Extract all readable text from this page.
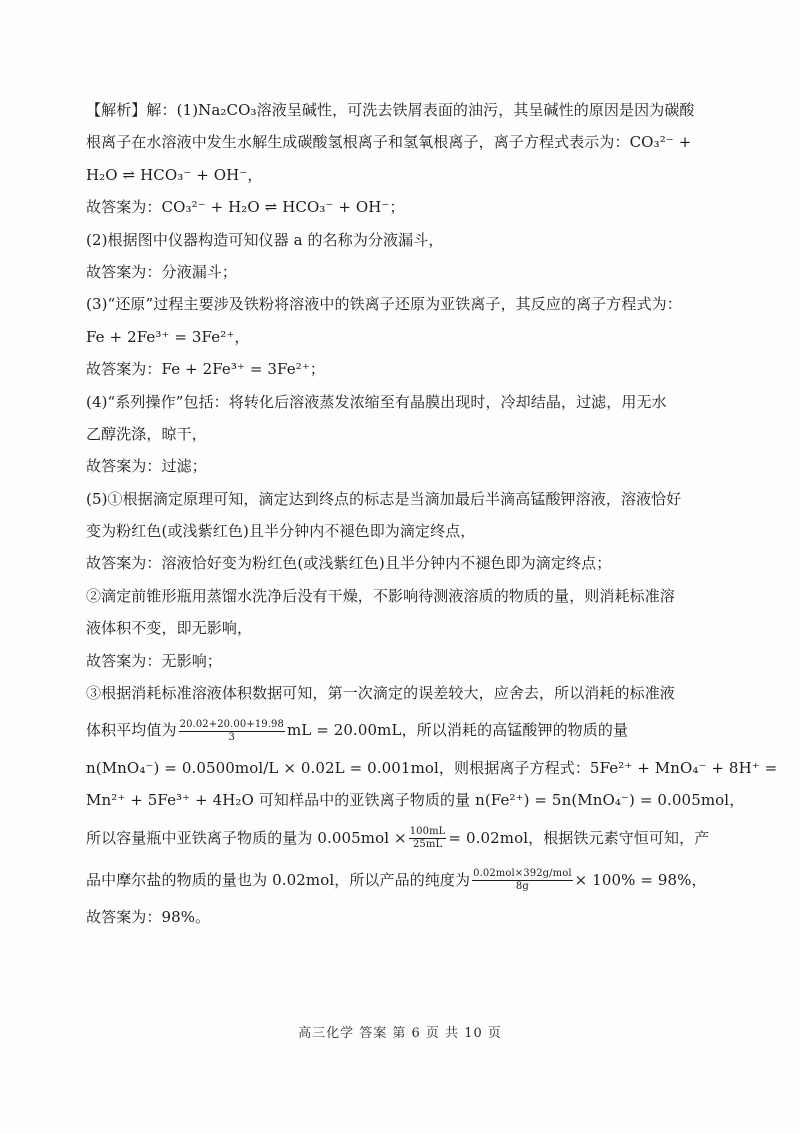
【解析】解：(1)Na₂CO₃溶液呈碱性，可洗去铁屑表面的油污，其呈碱性的原因是因为碳酸
根离子在水溶液中发生水解生成碳酸氢根离子和氢氧根离子，离子方程式表示为：CO₃²⁻ +
H₂O ⇌ HCO₃⁻ + OH⁻，
故答案为：CO₃²⁻ + H₂O ⇌ HCO₃⁻ + OH⁻；
(2)根据图中仪器构造可知仪器 a 的名称为分液漏斗，
故答案为：分液漏斗；
(3)“还原”过程主要涉及铁粉将溶液中的铁离子还原为亚铁离子，其反应的离子方程式为：
Fe + 2Fe³⁺ = 3Fe²⁺，
故答案为：Fe + 2Fe³⁺ = 3Fe²⁺；
(4)“系列操作”包括：将转化后溶液蒸发浓缩至有晶膜出现时，冷却结晶，过滤，用无水
乙醇洗涤，晾干，
故答案为：过滤；
(5)①根据滴定原理可知，滴定达到终点的标志是当滴加最后半滴高锰酸钾溶液，溶液恰好
变为粉红色(或浅紫红色)且半分钟内不褪色即为滴定终点，
故答案为：溶液恰好变为粉红色(或浅紫红色)且半分钟内不褪色即为滴定终点；
②滴定前锥形瓶用蒸馏水洗净后没有干燥，不影响待测液溶质的物质的量，则消耗标准溶
液体积不变，即无影响，
故答案为：无影响；
③根据消耗标准溶液体积数据可知，第一次滴定的误差较大，应舍去，所以消耗的标准液
体积平均值为 $\frac{20.02+20.00+19.98}{3}$ mL = 20.00mL，所以消耗的高锰酸钾的物质的量
n(MnO₄⁻) = 0.0500mol/L × 0.02L = 0.001mol，则根据离子方程式：5Fe²⁺ + MnO₄⁻ + 8H⁺ =
Mn²⁺ + 5Fe³⁺ + 4H₂O 可知样品中的亚铁离子物质的量 n(Fe²⁺) = 5n(MnO₄⁻) = 0.005mol，
所以容量瓶中亚铁离子物质的量为 $0.005mol \times \frac{100mL}{25mL} = 0.02mol$，根据铁元素守恒可知，产
品中摩尔盐的物质的量也为 0.02mol，所以产品的纯度为 $\frac{\text{0.02mol×392g/mol}}{8g} \times 100\% = 98\%$，
故答案为：98%。
高三化学 答案 第 6 页 共 10 页
